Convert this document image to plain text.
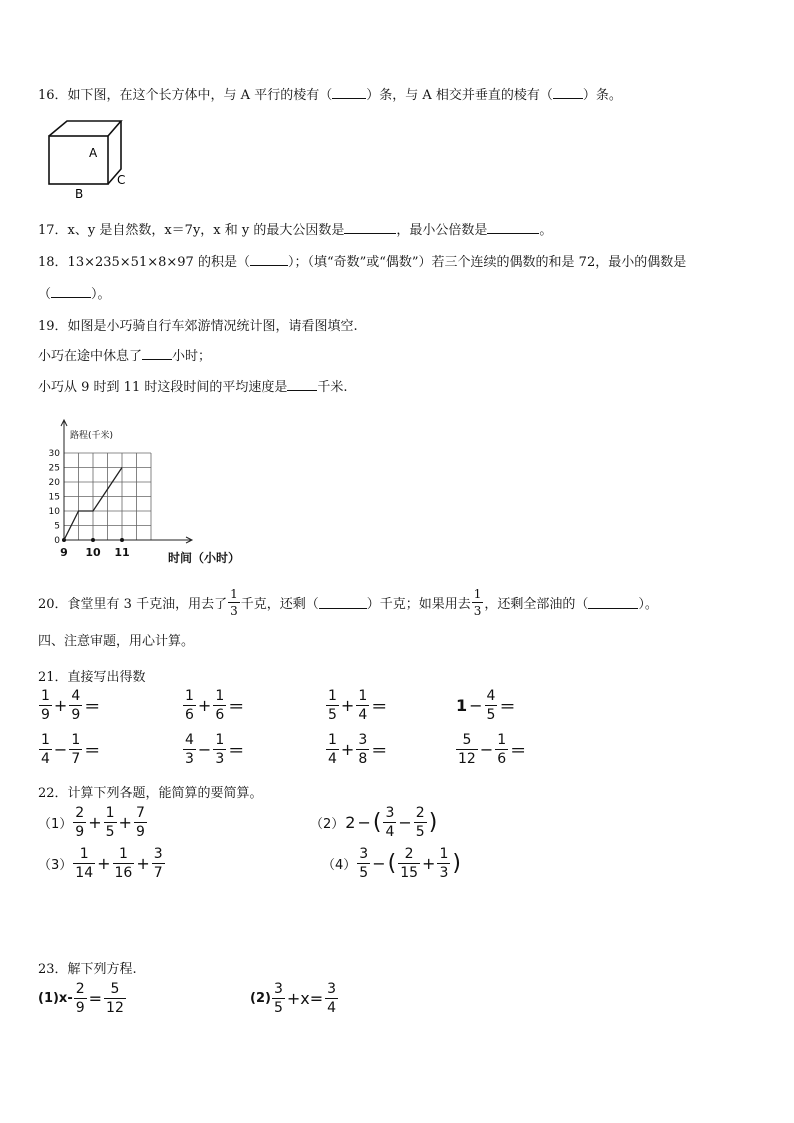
16．如下图，在这个长方体中，与 A 平行的棱有（	）条，与 A 相交并垂直的棱有（ ）条。
A
B
C
17．x、y 是自然数，x＝7y，x 和 y 的最大公因数是	，最小公倍数是	。
18．13×235×51×8×97 的积是（	）；（填“奇数”或“偶数”）若三个连续的偶数的和是 72，最小的偶数是
（	）。
19．如图是小巧骑自行车郊游情况统计图，请看图填空.
小巧在途中休息了 小时；
小巧从 9 时到 11 时这段时间的平均速度是 千米.
0
5
10
15
20
25
30
路程(千米)
9 10 11	时间（小时）
20．食堂里有 3 千克油，用去了 $\frac{1}{3}$ 千克，还剩（	）千克；如果用去 $\frac{1}{3}$ ，还剩全部油的（	）。
四、注意审题，用心计算。
21．直接写出得数
$\frac{1}{9} + \frac{4}{9}$ ＝	$\frac{1}{6} + \frac{1}{6}$ ＝	$\frac{1}{5} + \frac{1}{4}$ ＝	$1 - \frac{4}{5}$ ＝
$\frac{1}{4} - \frac{1}{7}$ ＝	$\frac{4}{3} - \frac{1}{3}$ ＝	$\frac{1}{4} + \frac{3}{8}$ ＝	$\frac{5}{12} - \frac{1}{6}$ ＝
22．计算下列各题，能简算的要简算。
$(1) \frac{2}{9} + \frac{1}{5} + \frac{7}{9}$	（2） 2 − ( $\frac{3}{4} - \frac{2}{5}$ )
$(3) \frac{1}{14} + \frac{1}{16} + \frac{3}{7}$	$(4) \frac{3}{5}$ − ( $\frac{2}{15} + \frac{1}{3}$ )
23．解下列方程.
$(1)x- \frac{2}{9} = \frac{5}{12}$	$(2) \frac{3}{5} +x= \frac{3}{4}$
